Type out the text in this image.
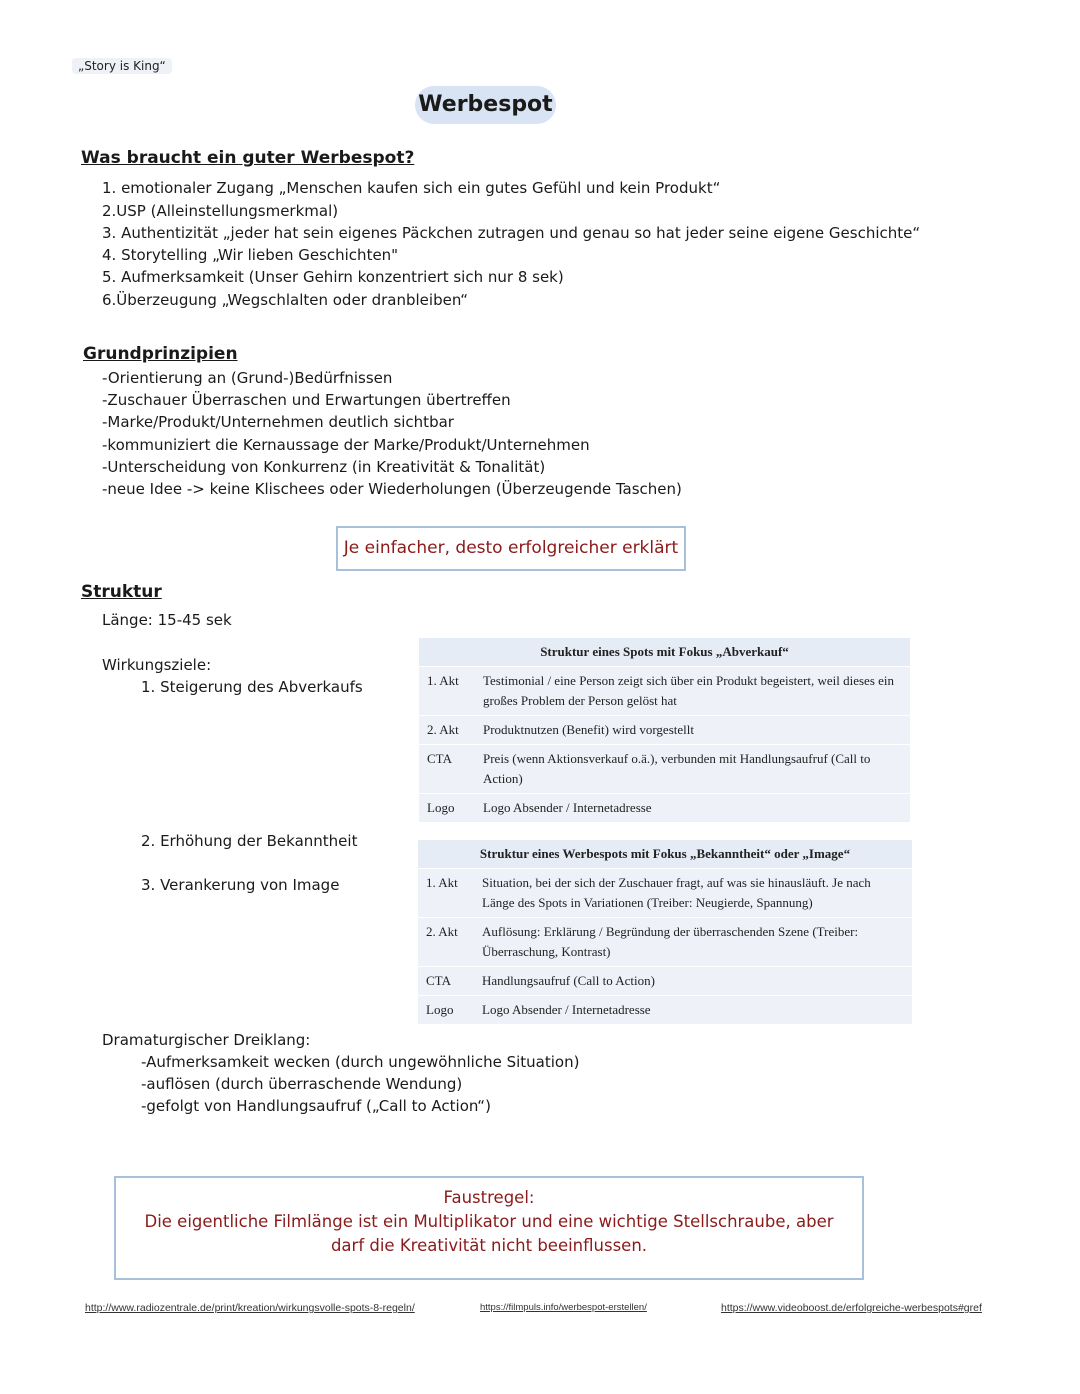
„Story is King“
Werbespot
Was braucht ein guter Werbespot?
1. emotionaler Zugang „Menschen kaufen sich ein gutes Gefühl und kein Produkt“
2.USP (Alleinstellungsmerkmal)
3. Authentizität „jeder hat sein eigenes Päckchen zutragen und genau so hat jeder seine eigene Geschichte“
4. Storytelling „Wir lieben Geschichten"
5. Aufmerksamkeit (Unser Gehirn konzentriert sich nur 8 sek)
6.Überzeugung „Wegschlalten oder dranbleiben“
Grundprinzipien
-Orientierung an (Grund-)Bedürfnissen
-Zuschauer Überraschen und Erwartungen übertreffen
-Marke/Produkt/Unternehmen deutlich sichtbar
-kommuniziert die Kernaussage der Marke/Produkt/Unternehmen
-Unterscheidung von Konkurrenz (in Kreativität & Tonalität)
-neue Idee -> keine Klischees oder Wiederholungen (Überzeugende Taschen)
Je einfacher, desto erfolgreicher erklärt
Struktur
Länge: 15-45 sek
Wirkungsziele:
1. Steigerung des Abverkaufs
2. Erhöhung der Bekanntheit
3. Verankerung von Image
Struktur eines Spots mit Fokus „Abverkauf“	
1. Akt	Testimonial / eine Person zeigt sich über ein Produkt begeistert, weil dieses ein großes Problem der Person gelöst hat
2. Akt	Produktnutzen (Benefit) wird vorgestellt
CTA	Preis (wenn Aktionsverkauf o.ä.), verbunden mit Handlungsaufruf (Call to Action)
Logo	Logo Absender / Internetadresse
Struktur eines Werbespots mit Fokus „Bekanntheit“ oder „Image“	
1. Akt	Situation, bei der sich der Zuschauer fragt, auf was sie hinausläuft. Je nach Länge des Spots in Variationen (Treiber: Neugierde, Spannung)
2. Akt	Auflösung: Erklärung / Begründung der überraschenden Szene (Treiber: Überraschung, Kontrast)
CTA	Handlungsaufruf (Call to Action)
Logo	Logo Absender / Internetadresse
Dramaturgischer Dreiklang:
-Aufmerksamkeit wecken (durch ungewöhnliche Situation)
-auflösen (durch überraschende Wendung)
-gefolgt von Handlungsaufruf („Call to Action“)
Faustregel:
Die eigentliche Filmlänge ist ein Multiplikator und eine wichtige Stellschraube, aber
darf die Kreativität nicht beeinflussen.
http://www.radiozentrale.de/print/kreation/wirkungsvolle-spots-8-regeln/	https://filmpuls.info/werbespot-erstellen/	https://www.videoboost.de/erfolgreiche-werbespots#gref
